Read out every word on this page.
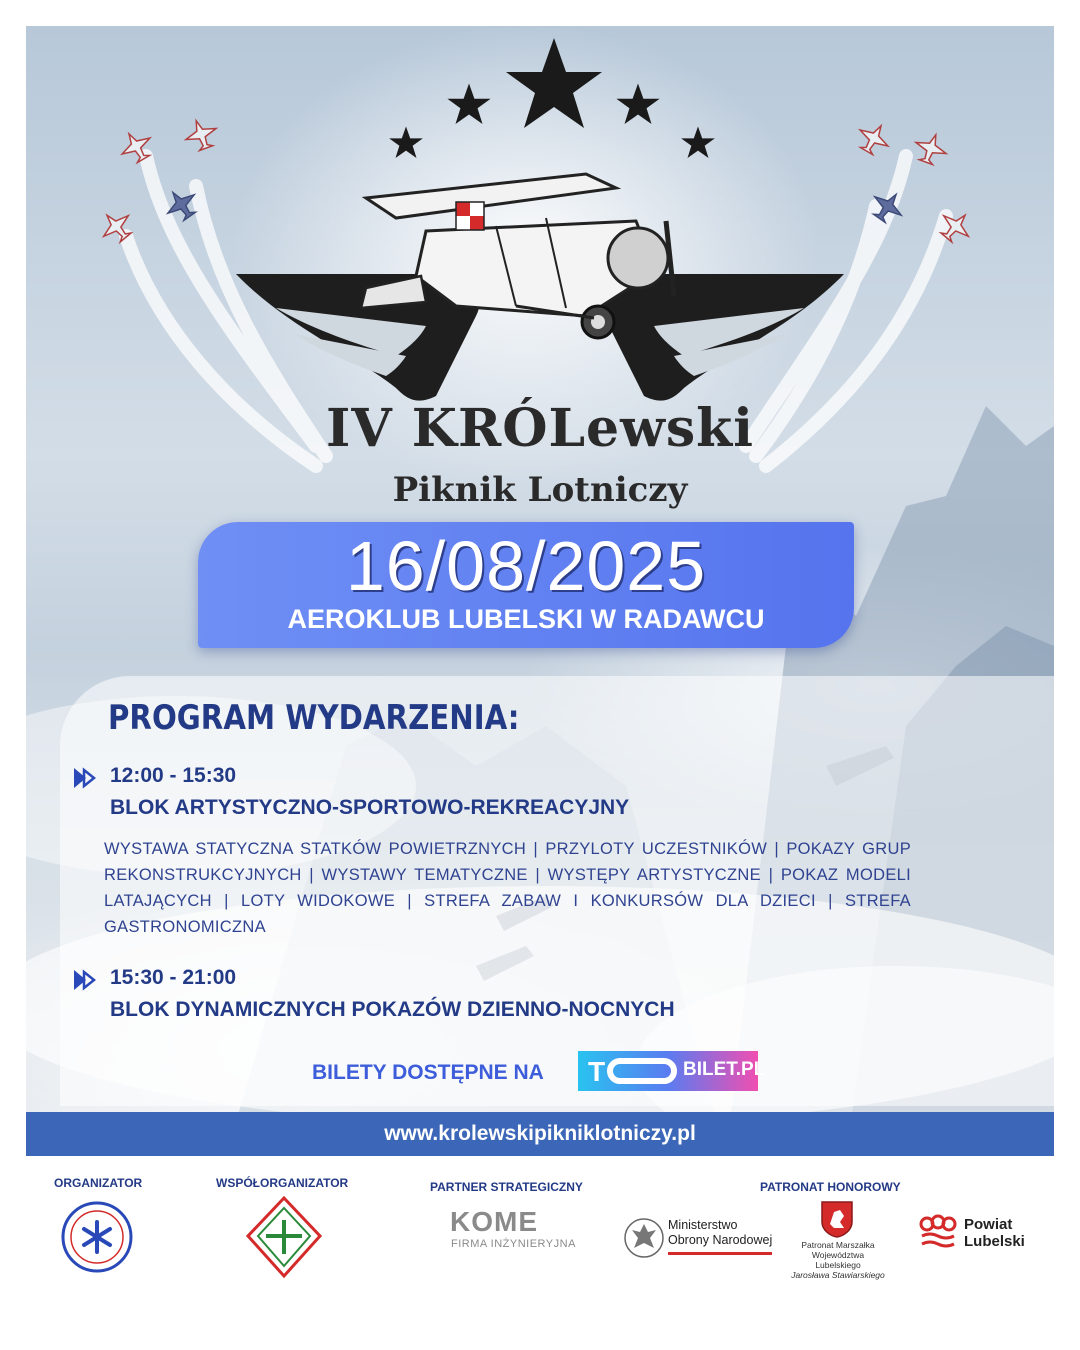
IV KRÓLewski
Piknik Lotniczy
16/08/2025
AEROKLUB LUBELSKI W RADAWCU
PROGRAM WYDARZENIA:
12:00 - 15:30
BLOK ARTYSTYCZNO-SPORTOWO-REKREACYJNY
WYSTAWA STATYCZNA STATKÓW POWIETRZNYCH | PRZYLOTY UCZESTNIKÓW | POKAZY GRUP REKONSTRUKCYJNYCH | WYSTAWY TEMATYCZNE | WYSTĘPY ARTYSTYCZNE | POKAZ MODELI LATAJĄCYCH | LOTY WIDOKOWE | STREFA ZABAW I KONKURSÓW DLA DZIECI | STREFA GASTRONOMICZNA
15:30 - 21:00
BLOK DYNAMICZNYCH POKAZÓW DZIENNO-NOCNYCH
BILETY DOSTĘPNE NA T	BILET.PL
www.krolewskipikniklotniczy.pl
ORGANIZATOR	WSPÓŁORGANIZATOR	PARTNER STRATEGICZNY	PATRONAT HONOROWY
KOME
FIRMA INŻYNIERYJNA
Ministerstwo
Obrony Narodowej	Patronat Marszałka
Województwa Lubelskiego
Jarosława Stawiarskiego
Powiat
Lubelski
